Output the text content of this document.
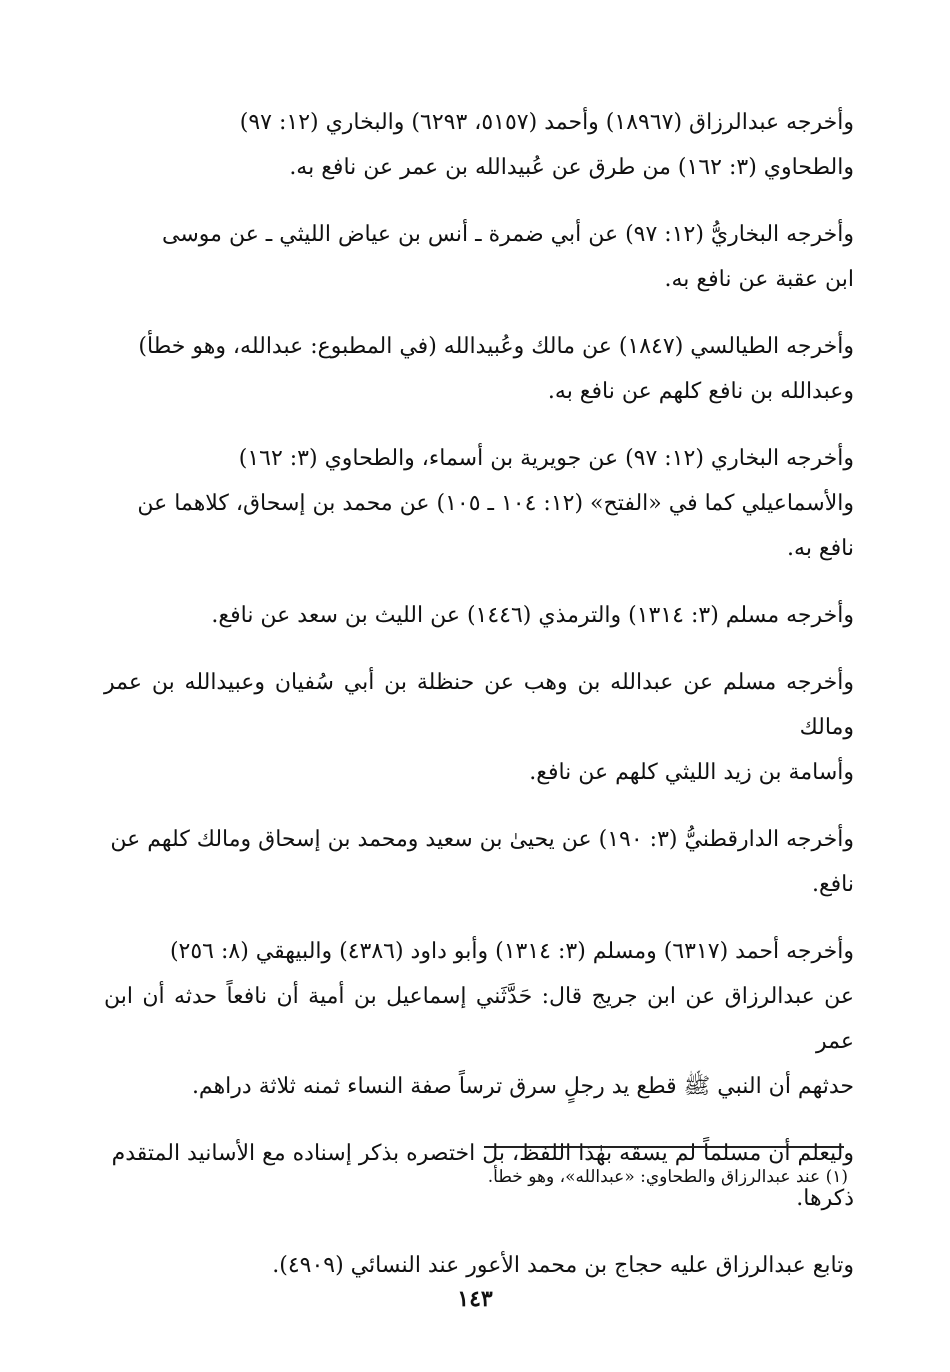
وأخرجه عبدالرزاق (١٨٩٦٧) وأحمد (٥١٥٧، ٦٢٩٣) والبخاري (١٢: ٩٧)
والطحاوي (٣: ١٦٢) من طرق عن عُبيدالله بن عمر عن نافع به.

وأخرجه البخاريُّ (١٢: ٩٧) عن أبي ضمرة ـ أنس بن عياض الليثي ـ عن موسى
ابن عقبة عن نافع به.

وأخرجه الطيالسي (١٨٤٧) عن مالك وعُبيدالله (في المطبوع: عبدالله، وهو خطأ)
وعبدالله بن نافع كلهم عن نافع به.

وأخرجه البخاري (١٢: ٩٧) عن جويرية بن أسماء، والطحاوي (٣: ١٦٢)
والأسماعيلي كما في «الفتح» (١٢: ١٠٤ ـ ١٠٥) عن محمد بن إسحاق، كلاهما عن نافع به.

وأخرجه مسلم (٣: ١٣١٤) والترمذي (١٤٤٦) عن الليث بن سعد عن نافع.

وأخرجه مسلم عن عبدالله بن وهب عن حنظلة بن أبي سُفيان وعبيدالله بن عمر ومالك
وأسامة بن زيد الليثي كلهم عن نافع.

وأخرجه الدارقطنيُّ (٣: ١٩٠) عن يحيىٰ بن سعيد ومحمد بن إسحاق ومالك كلهم عن
نافع.

وأخرجه أحمد (٦٣١٧) ومسلم (٣: ١٣١٤) وأبو داود (٤٣٨٦) والبيهقي (٨: ٢٥٦)
عن عبدالرزاق عن ابن جريج قال: حَدَّثَني إسماعيل بن أمية أن نافعاً حدثه أن ابن عمر
حدثهم أن النبي ﷺ قطع يد رجلٍ سرق ترساً صفة النساء ثمنه ثلاثة دراهم.

وليعلم أن مسلماً لم يسقه بهٰذا اللفظ، بل اختصره بذكر إسناده مع الأسانيد المتقدم
ذكرها.

وتابع عبدالرزاق عليه حجاج بن محمد الأعور عند النسائي (٤٩٠٩).

(١) عند عبدالرزاق والطحاوي: «عبدالله»، وهو خطأ.
١٤٣
